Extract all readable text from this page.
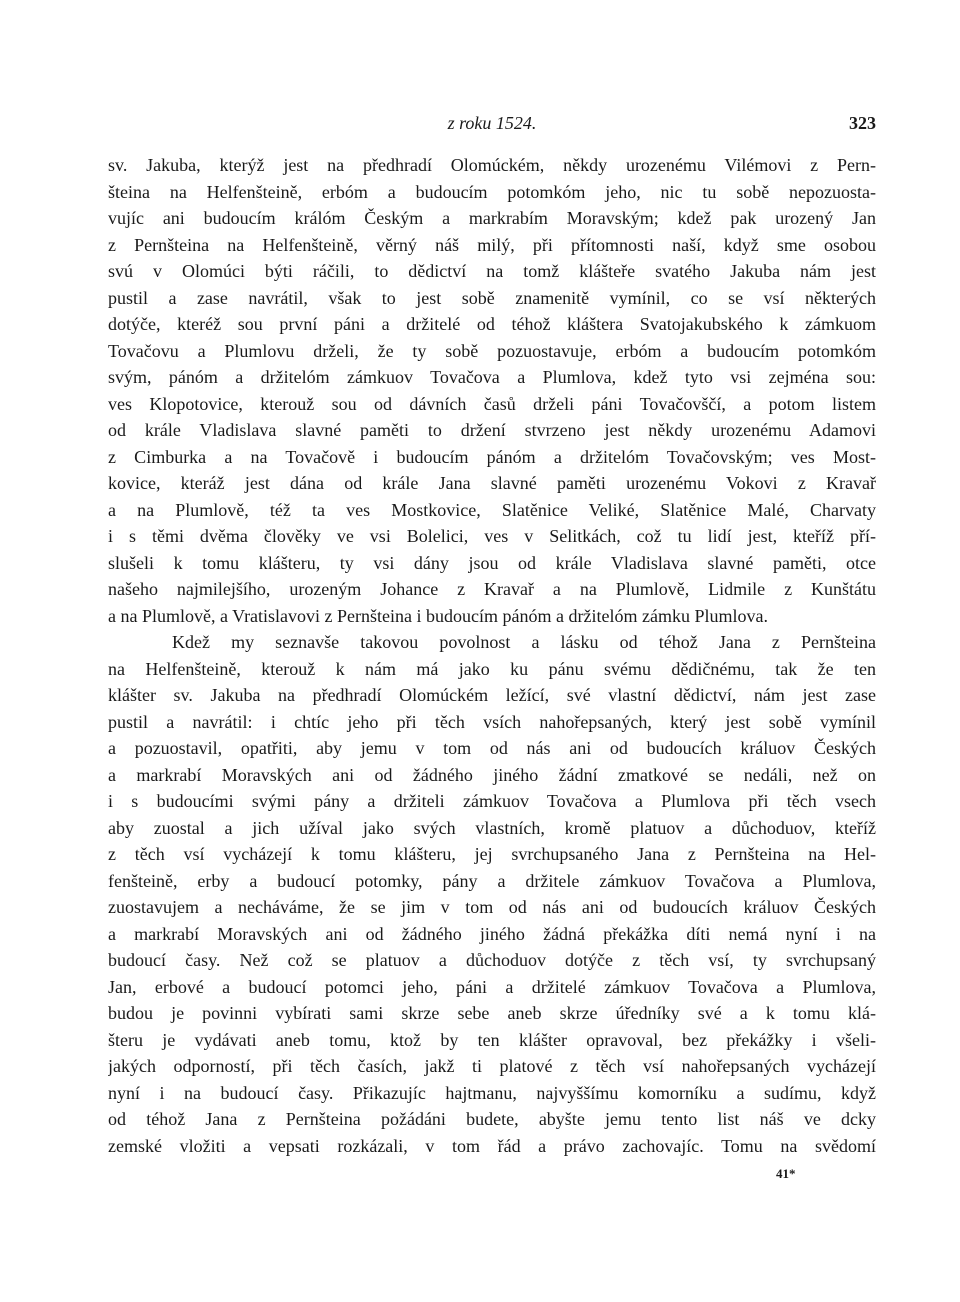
z roku 1524.	323
sv. Jakuba, kterýž jest na předhradí Olomúckém, někdy urozenému Vilémovi z Pern-
šteina na Helfenšteině, erbóm a budoucím potomkóm jeho, nic tu sobě nepozuosta-
vujíc ani budoucím králóm Českým a markrabím Moravským; kdež pak urozený Jan
z Pernšteina na Helfenšteině, věrný náš milý, při přítomnosti naší, když sme osobou
svú v Olomúci býti ráčili, to dědictví na tomž klášteře svatého Jakuba nám jest
pustil a zase navrátil, však to jest sobě znamenitě vymínil, co se vsí některých
dotýče, kteréž sou první páni a držitelé od téhož kláštera Svatojakubského k zámkuom
Tovačovu a Plumlovu drželi, že ty sobě pozuostavuje, erbóm a budoucím potomkóm
svým, pánóm a držitelóm zámkuov Tovačova a Plumlova, kdež tyto vsi zejména sou:
ves Klopotovice, kterouž sou od dávních časů drželi páni Tovačovščí, a potom listem
od krále Vladislava slavné paměti to držení stvrzeno jest někdy urozenému Adamovi
z Cimburka a na Tovačově i budoucím pánóm a držitelóm Tovačovským; ves Most-
kovice, kteráž jest dána od krále Jana slavné paměti urozenému Vokovi z Kravař
a na Plumlově, též ta ves Mostkovice, Slatěnice Veliké, Slatěnice Malé, Charvaty
i s těmi dvěma člověky ve vsi Bolelici, ves v Selitkách, což tu lidí jest, kteříž pří-
slušeli k tomu klášteru, ty vsi dány jsou od krále Vladislava slavné paměti, otce
našeho najmilejšího, urozeným Johance z Kravař a na Plumlově, Lidmile z Kunštátu
a na Plumlově, a Vratislavovi z Pernšteina i budoucím pánóm a držitelóm zámku Plumlova.
Kdež my seznavše takovou povolnost a lásku od téhož Jana z Pernšteina
na Helfenšteině, kterouž k nám má jako ku pánu svému dědičnému, tak že ten
klášter sv. Jakuba na předhradí Olomúckém ležící, své vlastní dědictví, nám jest zase
pustil a navrátil: i chtíc jeho při těch vsích nahořepsaných, který jest sobě vymínil
a pozuostavil, opatřiti, aby jemu v tom od nás ani od budoucích králuov Českých
a markrabí Moravských ani od žádného jiného žádní zmatkové se nedáli, než on
i s budoucími svými pány a držiteli zámkuov Tovačova a Plumlova při těch vsech
aby zuostal a jich užíval jako svých vlastních, kromě platuov a důchoduov, kteříž
z těch vsí vycházejí k tomu klášteru, jej svrchupsaného Jana z Pernšteina na Hel-
fenšteině, erby a budoucí potomky, pány a držitele zámkuov Tovačova a Plumlova,
zuostavujem a necháváme, že se jim v tom od nás ani od budoucích králuov Českých
a markrabí Moravských ani od žádného jiného žádná překážka díti nemá nyní i na
budoucí časy. Než což se platuov a důchoduov dotýče z těch vsí, ty svrchupsaný
Jan, erbové a budoucí potomci jeho, páni a držitelé zámkuov Tovačova a Plumlova,
budou je povinni vybírati sami skrze sebe aneb skrze úředníky své a k tomu klá-
šteru je vydávati aneb tomu, ktož by ten klášter opravoval, bez překážky i všeli-
jakých odporností, při těch časích, jakž ti platové z těch vsí nahořepsaných vycházejí
nyní i na budoucí časy. Přikazujíc hajtmanu, najvyššímu komorníku a sudímu, když
od téhož Jana z Pernšteina požádáni budete, abyšte jemu tento list náš ve dcky
zemské vložiti a vepsati rozkázali, v tom řád a právo zachovajíc. Tomu na svědomí
41*
